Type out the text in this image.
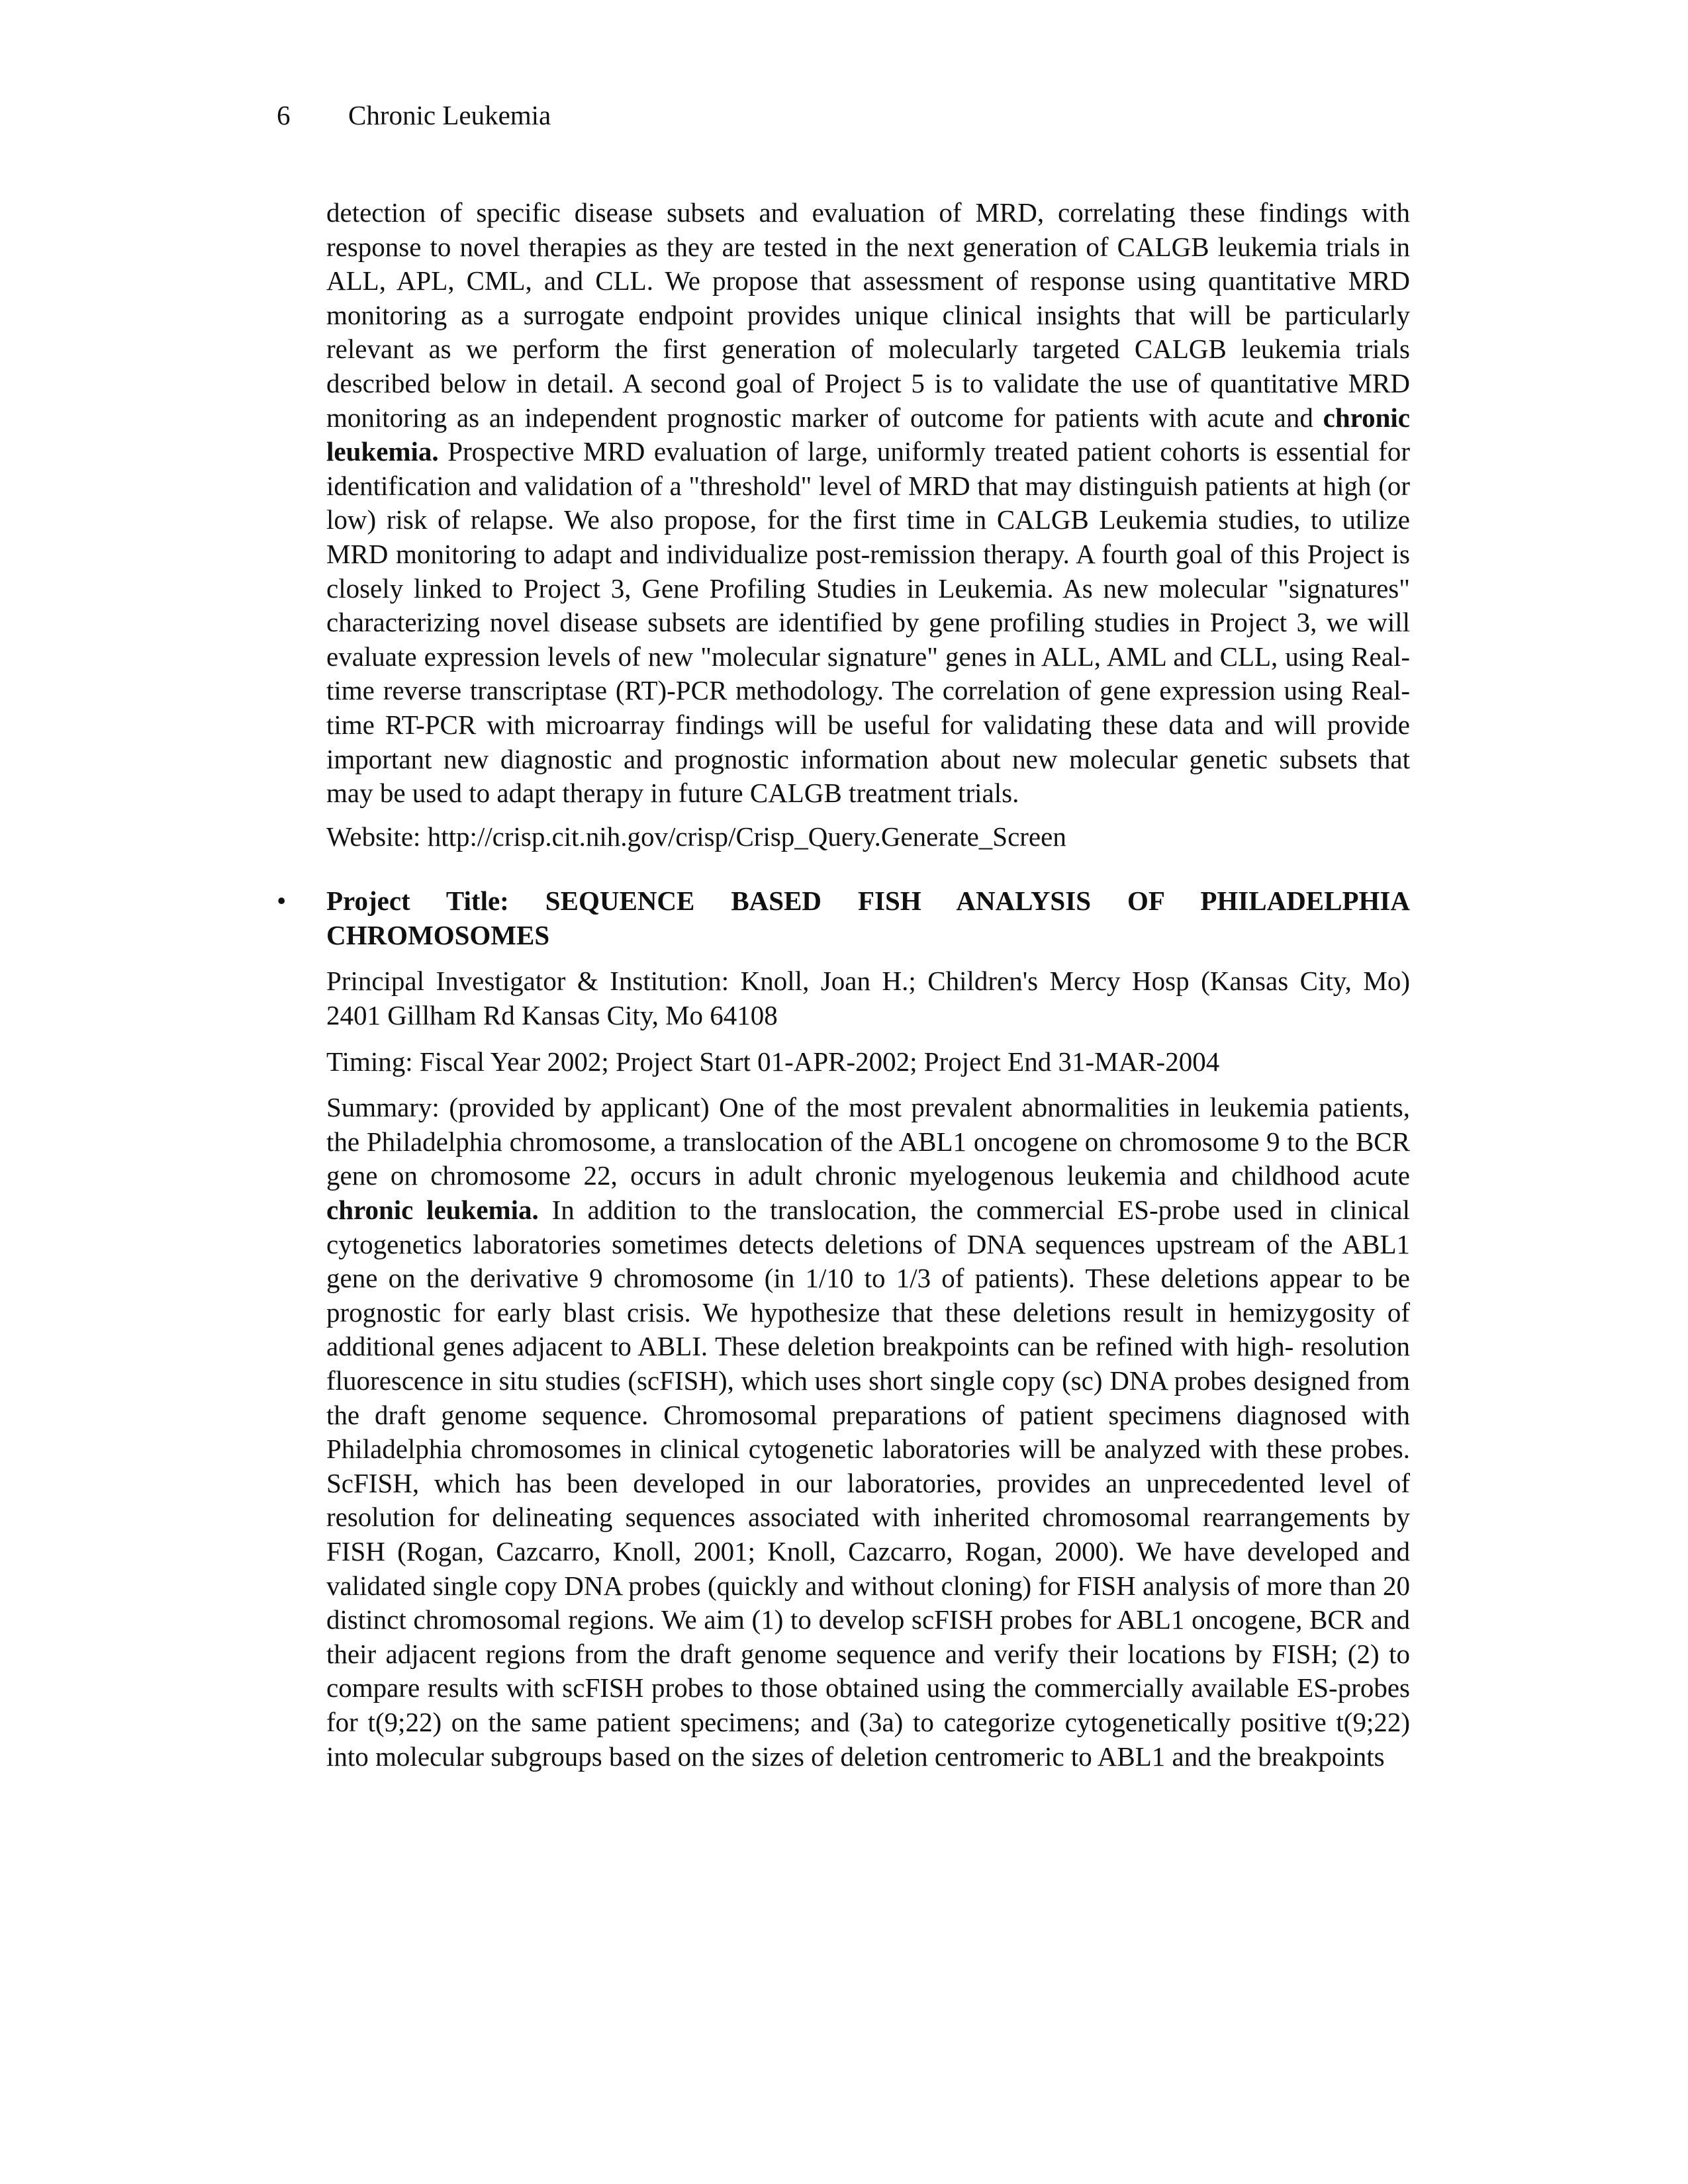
6 Chronic Leukemia

detection of specific disease subsets and evaluation of MRD, correlating these findings with response to novel therapies as they are tested in the next generation of CALGB leukemia trials in ALL, APL, CML, and CLL. We propose that assessment of response using quantitative MRD monitoring as a surrogate endpoint provides unique clinical insights that will be particularly relevant as we perform the first generation of molecularly targeted CALGB leukemia trials described below in detail. A second goal of Project 5 is to validate the use of quantitative MRD monitoring as an independent prognostic marker of outcome for patients with acute and chronic leukemia. Prospective MRD evaluation of large, uniformly treated patient cohorts is essential for identification and validation of a "threshold" level of MRD that may distinguish patients at high (or low) risk of relapse. We also propose, for the first time in CALGB Leukemia studies, to utilize MRD monitoring to adapt and individualize post-remission therapy. A fourth goal of this Project is closely linked to Project 3, Gene Profiling Studies in Leukemia. As new molecular "signatures" characterizing novel disease subsets are identified by gene profiling studies in Project 3, we will evaluate expression levels of new "molecular signature" genes in ALL, AML and CLL, using Real-time reverse transcriptase (RT)-PCR methodology. The correlation of gene expression using Real-time RT-PCR with microarray findings will be useful for validating these data and will provide important new diagnostic and prognostic information about new molecular genetic subsets that may be used to adapt therapy in future CALGB treatment trials.

Website: http://crisp.cit.nih.gov/crisp/Crisp_Query.Generate_Screen

• Project Title: SEQUENCE BASED FISH ANALYSIS OF PHILADELPHIA CHROMOSOMES

Principal Investigator & Institution: Knoll, Joan H.; Children's Mercy Hosp (Kansas City, Mo) 2401 Gillham Rd Kansas City, Mo 64108

Timing: Fiscal Year 2002; Project Start 01-APR-2002; Project End 31-MAR-2004

Summary: (provided by applicant) One of the most prevalent abnormalities in leukemia patients, the Philadelphia chromosome, a translocation of the ABL1 oncogene on chromosome 9 to the BCR gene on chromosome 22, occurs in adult chronic myelogenous leukemia and childhood acute chronic leukemia. In addition to the translocation, the commercial ES-probe used in clinical cytogenetics laboratories sometimes detects deletions of DNA sequences upstream of the ABL1 gene on the derivative 9 chromosome (in 1/10 to 1/3 of patients). These deletions appear to be prognostic for early blast crisis. We hypothesize that these deletions result in hemizygosity of additional genes adjacent to ABLI. These deletion breakpoints can be refined with high- resolution fluorescence in situ studies (scFISH), which uses short single copy (sc) DNA probes designed from the draft genome sequence. Chromosomal preparations of patient specimens diagnosed with Philadelphia chromosomes in clinical cytogenetic laboratories will be analyzed with these probes. ScFISH, which has been developed in our laboratories, provides an unprecedented level of resolution for delineating sequences associated with inherited chromosomal rearrangements by FISH (Rogan, Cazcarro, Knoll, 2001; Knoll, Cazcarro, Rogan, 2000). We have developed and validated single copy DNA probes (quickly and without cloning) for FISH analysis of more than 20 distinct chromosomal regions. We aim (1) to develop scFISH probes for ABL1 oncogene, BCR and their adjacent regions from the draft genome sequence and verify their locations by FISH; (2) to compare results with scFISH probes to those obtained using the commercially available ES-probes for t(9;22) on the same patient specimens; and (3a) to categorize cytogenetically positive t(9;22) into molecular subgroups based on the sizes of deletion centromeric to ABL1 and the breakpoints
